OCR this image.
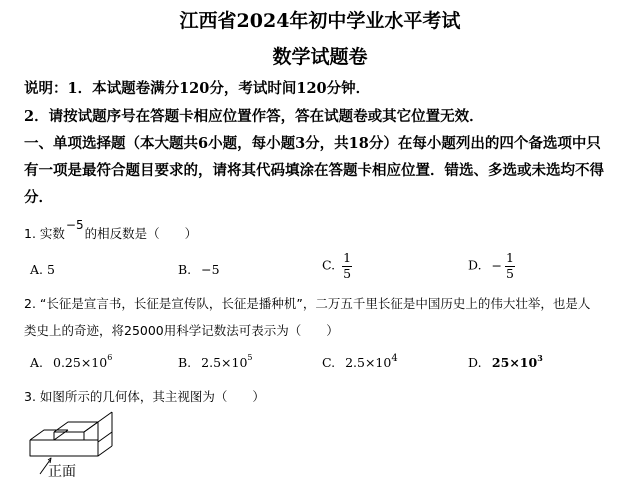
江西省2024年初中学业水平考试
数学试题卷
说明：1．本试题卷满分120分，考试时间120分钟．
2．请按试题序号在答题卡相应位置作答，答在试题卷或其它位置无效．
一、单项选择题（本大题共6小题，每小题3分，共18分）在每小题列出的四个备选项中只
有一项是最符合题目要求的，请将其代码填涂在答题卡相应位置．错选、多选或未选均不得
分．
1. 实数−5的相反数是（　　）
A. 5	B. −5	C. $\frac{1}{5}$	D. − $\frac{1}{5}$
2. “长征是宣言书，长征是宣传队，长征是播种机”，二万五千里长征是中国历史上的伟大壮举，也是人
类史上的奇迹，将25000用科学记数法可表示为（　　）
A. $0.25\times 10^6$	B. $2.5\times 10^5$	C. $2.5\times 10^4$	D. $25\times 10^3$
3. 如图所示的几何体，其主视图为（　　）
正面
